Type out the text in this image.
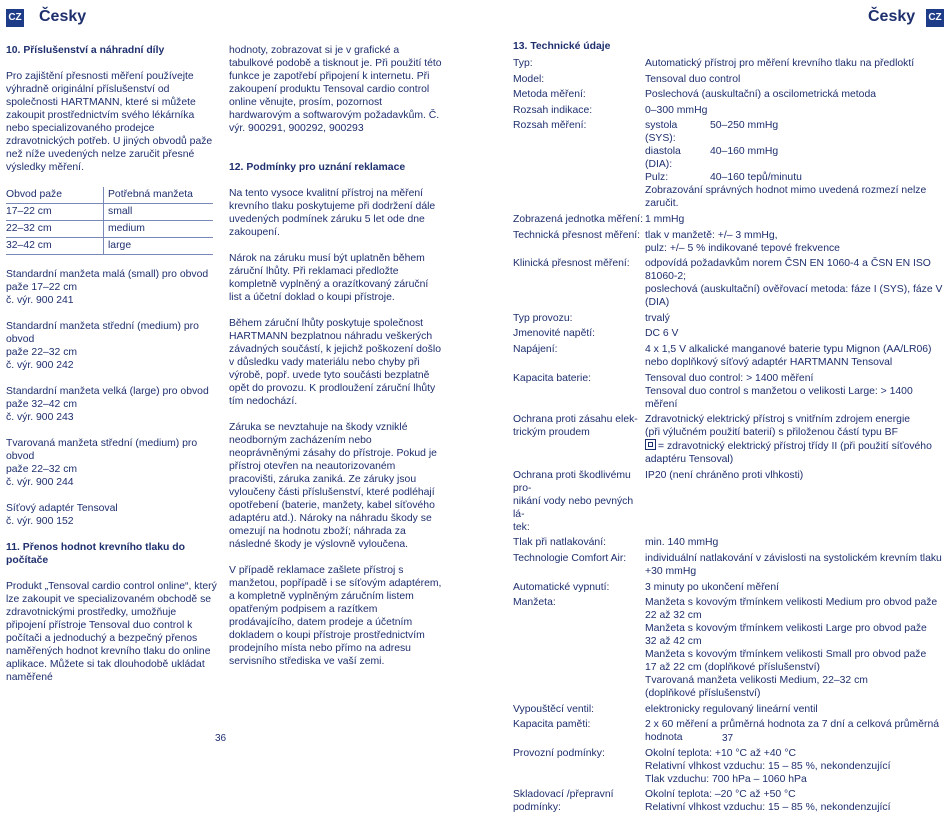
CZ Česky	Česky CZ
10. Příslušenství a náhradní díly

Pro zajištění přesnosti měření používejte výhradně originální příslušenství od společnosti HARTMANN, které si můžete zakoupit prostřednictvím svého lékárníka nebo specializovaného prodejce zdravotnických potřeb. U jiných obvodů paže než níže uvedených nelze zaručit přesné výsledky měření.

Obvod paže	Potřebná manžeta
17–22 cm	small
22–32 cm	medium
32–42 cm	large

Standardní manžeta malá (small) pro obvod
paže 17–22 cm
č. výr. 900 241

Standardní manžeta střední (medium) pro obvod
paže 22–32 cm
č. výr. 900 242

Standardní manžeta velká (large) pro obvod
paže 32–42 cm
č. výr. 900 243

Tvarovaná manžeta střední (medium) pro obvod
paže 22–32 cm
č. výr. 900 244

Síťový adaptér Tensoval
č. výr. 900 152

11. Přenos hodnot krevního tlaku do počítače

Produkt „Tensoval cardio control online“, který lze zakoupit ve specializovaném obchodě se zdravotnickými prostředky, umožňuje připojení přístroje Tensoval duo control k počítači a jednoduchý a bezpečný přenos naměřených hodnot krevního tlaku do online aplikace. Můžete si tak dlouhodobě ukládat naměřené

hodnoty, zobrazovat si je v grafické a tabulkové podobě a tisknout je. Při použití této funkce je zapotřebí připojení k internetu. Při zakoupení produktu Tensoval cardio control online věnujte, prosím, pozornost hardwarovým a softwarovým požadavkům. Č. výr. 900291, 900292, 900293

12. Podmínky pro uznání reklamace

Na tento vysoce kvalitní přístroj na měření krevního tlaku poskytujeme při dodržení dále uvedených podmínek záruku 5 let ode dne zakoupení.

Nárok na záruku musí být uplatněn během záruční lhůty. Při reklamaci předložte kompletně vyplněný a orazítkovaný záruční list a účetní doklad o koupi přístroje.

Během záruční lhůty poskytuje společnost HARTMANN bezplatnou náhradu veškerých závadných součástí, k jejichž poškození došlo v důsledku vady materiálu nebo chyby při výrobě, popř. uvede tyto součásti bezplatně opět do provozu. K prodloužení záruční lhůty tím nedochází.

Záruka se nevztahuje na škody vzniklé neodborným zacházením nebo neoprávněnými zásahy do přístroje. Pokud je přístroj otevřen na neautorizovaném pracovišti, záruka zaniká. Ze záruky jsou vyloučeny části příslušenství, které podléhají opotřebení (baterie, manžety, kabel síťového adaptéru atd.). Nároky na náhradu škody se omezují na hodnotu zboží; náhrada za následné škody je výslovně vyloučena.

V případě reklamace zašlete přístroj s manžetou, popřípadě i se síťovým adaptérem, a kompletně vyplněným záručním listem opatřeným podpisem a razítkem prodávajícího, datem prodeje a účetním dokladem o koupi přístroje prostřednictvím prodejního místa nebo přímo na adresu servisního střediska ve vaší zemi.

13. Technické údaje
Typ:	Automatický přístroj pro měření krevního tlaku na předloktí
Model:	Tensoval duo control
Metoda měření:	Poslechová (auskultační) a oscilometrická metoda
Rozsah indikace:	0–300 mmHg
Rozsah měření:	systola (SYS):
50–250 mmHg
diastola (DIA):
40–160 mmHg
Pulz:	40–160 tepů/minutu
Zobrazování správných hodnot mimo uvedená rozmezí nelze zaručit.
Zobrazená jednotka měření: 1 mmHg
Technická přesnost měření: tlak v manžetě: +/– 3 mmHg,
pulz: +/– 5 % indikované tepové frekvence
Klinická přesnost měření:	odpovídá požadavkům norem ČSN EN 1060-4 a ČSN EN ISO 81060-2;
poslechová (auskultační) ověřovací metoda: fáze I (SYS), fáze V (DIA)
Typ provozu:	trvalý
Jmenovité napětí:	DC 6 V
Napájení:	4 x 1,5 V alkalické manganové baterie typu Mignon (AA/LR06)
nebo doplňkový síťový adaptér HARTMANN Tensoval
Kapacita baterie:	Tensoval duo control: > 1400 měření
Tensoval duo control s manžetou o velikosti Large: > 1400 měření
Ochrana proti zásahu elek-
trickým proudem
Zdravotnický elektrický přístroj s vnitřním zdrojem energie
(při výlučném použití baterií) s přiloženou částí typu BF
= zdravotnický elektrický přístroj třídy II (při použití síťového
adaptéru Tensoval)
Ochrana proti škodlivému pro-
nikání vody nebo pevných lá-
tek:
IP20 (není chráněno proti vlhkosti)
Tlak při natlakování:	min. 140 mmHg
Technologie Comfort Air:	individuální natlakování v závislosti na systolickém krevním tlaku
+30 mmHg
Automatické vypnutí:	3 minuty po ukončení měření
Manžeta:	Manžeta s kovovým třmínkem velikosti Medium pro obvod paže
22 až 32 cm
Manžeta s kovovým třmínkem velikosti Large pro obvod paže
32 až 42 cm
Manžeta s kovovým třmínkem velikosti Small pro obvod paže
17 až 22 cm (doplňkové příslušenství)
Tvarovaná manžeta velikosti Medium, 22–32 cm
(doplňkové příslušenství)
Vypouštěcí ventil:	elektronicky regulovaný lineární ventil
Kapacita paměti:	2 x 60 měření a průměrná hodnota za 7 dní a celková průměrná
hodnota
Provozní podmínky:	Okolní teplota: +10 °C až +40 °C
Relativní vlhkost vzduchu: 15 – 85 %, nekondenzující
Tlak vzduchu: 700 hPa – 1060 hPa
Skladovací /přepravní
podmínky:
Okolní teplota: –20 °C až +50 °C
Relativní vlhkost vzduchu: 15 – 85 %, nekondenzující
36	37
